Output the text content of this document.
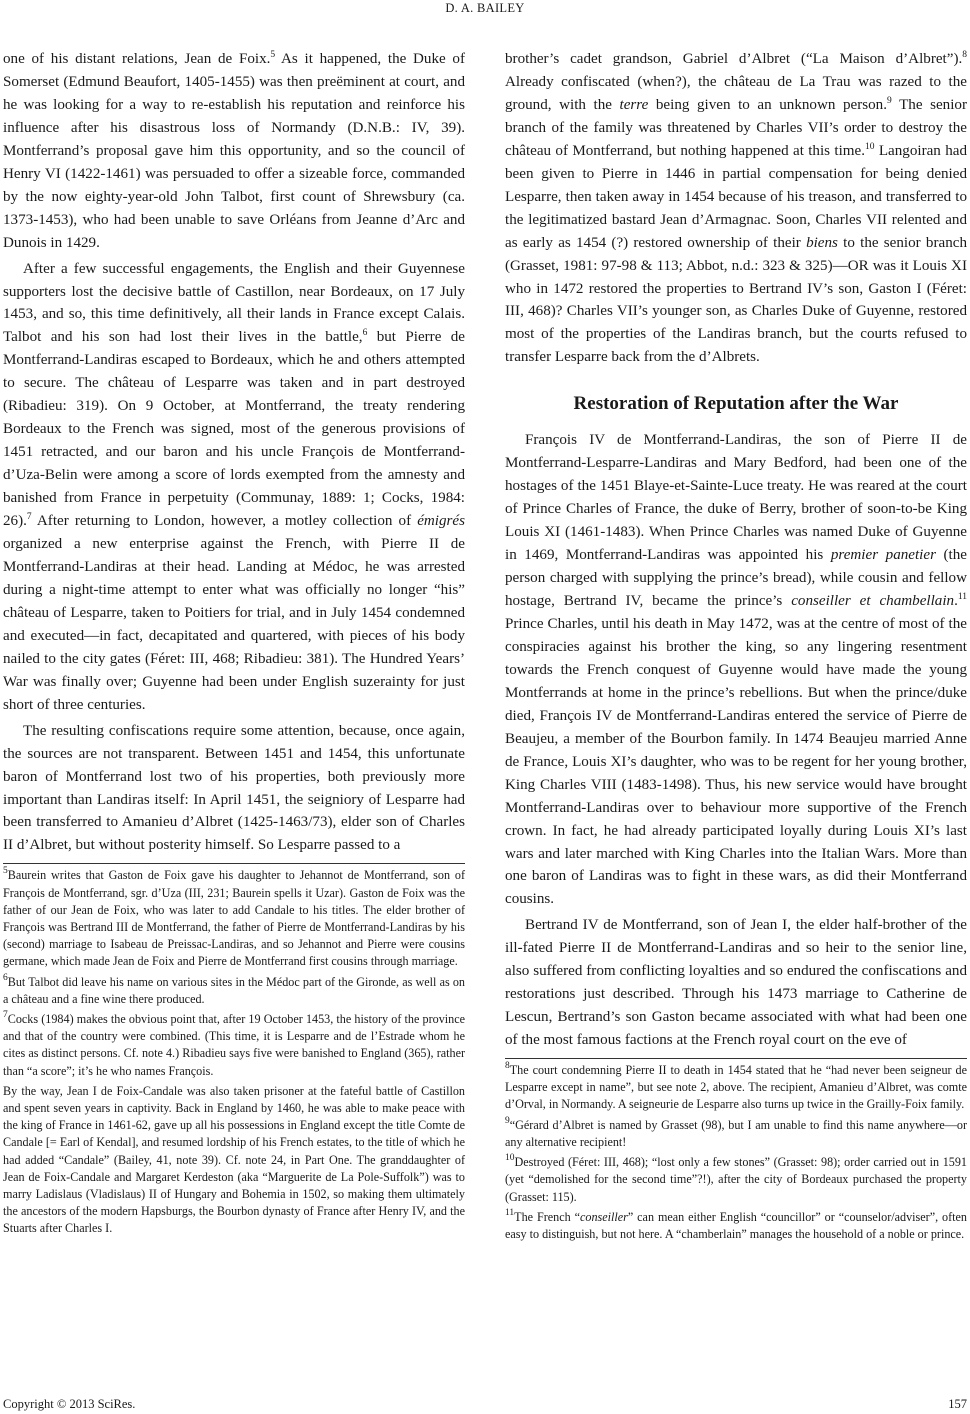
D. A. BAILEY

one of his distant relations, Jean de Foix.$^5$ As it happened, the Duke of Somerset (Edmund Beaufort, 1405-1455) was then preëminent at court, and he was looking for a way to re-establish his reputation and reinforce his influence after his disastrous loss of Normandy (D.N.B.: IV, 39). Montferrand’s proposal gave him this opportunity, and so the council of Henry VI (1422-1461) was persuaded to offer a sizeable force, commanded by the now eighty-year-old John Talbot, first count of Shrewsbury (ca. 1373-1453), who had been unable to save Orléans from Jeanne d’Arc and Dunois in 1429.

After a few successful engagements, the English and their Guyennese supporters lost the decisive battle of Castillon, near Bordeaux, on 17 July 1453, and so, this time definitively, all their lands in France except Calais. Talbot and his son had lost their lives in the battle,$^6$ but Pierre de Montferrand-Landiras escaped to Bordeaux, which he and others attempted to secure. The château of Lesparre was taken and in part destroyed (Ribadieu: 319). On 9 October, at Montferrand, the treaty rendering Bordeaux to the French was signed, most of the generous provisions of 1451 retracted, and our baron and his uncle François de Montferrand-d’Uza-Belin were among a score of lords exempted from the amnesty and banished from France in perpetuity (Communay, 1889: 1; Cocks, 1984: 26).$^7$ After returning to London, however, a motley collection of émigrés organized a new enterprise against the French, with Pierre II de Montferrand-Landiras at their head. Landing at Médoc, he was arrested during a night-time attempt to enter what was officially no longer “his” château of Lesparre, taken to Poitiers for trial, and in July 1454 condemned and executed—in fact, decapitated and quartered, with pieces of his body nailed to the city gates (Féret: III, 468; Ribadieu: 381). The Hundred Years’ War was finally over; Guyenne had been under English suzerainty for just short of three centuries.

The resulting confiscations require some attention, because, once again, the sources are not transparent. Between 1451 and 1454, this unfortunate baron of Montferrand lost two of his properties, both previously more important than Landiras itself: In April 1451, the seigniory of Lesparre had been transferred to Amanieu d’Albret (1425-1463/73), elder son of Charles II d’Albret, but without posterity himself. So Lesparre passed to a

$^5$Baurein writes that Gaston de Foix gave his daughter to Jehannot de Montferrand, son of François de Montferrand, sgr. d’Uza (III, 231; Baurein spells it Uzar). Gaston de Foix was the father of our Jean de Foix, who was later to add Candale to his titles. The elder brother of François was Bertrand III de Montferrand, the father of Pierre de Montferrand-Landiras by his (second) marriage to Isabeau de Preissac-Landiras, and so Jehannot and Pierre were cousins germane, which made Jean de Foix and Pierre de Montferrand first cousins through marriage.

$^6$But Talbot did leave his name on various sites in the Médoc part of the Gironde, as well as on a château and a fine wine there produced.

$^7$Cocks (1984) makes the obvious point that, after 19 October 1453, the history of the province and that of the country were combined. (This time, it is Lesparre and de l’Estrade whom he cites as distinct persons. Cf. note 4.) Ribadieu says five were banished to England (365), rather than “a score”; it’s he who names François.

By the way, Jean I de Foix-Candale was also taken prisoner at the fateful battle of Castillon and spent seven years in captivity. Back in England by 1460, he was able to make peace with the king of France in 1461-62, gave up all his possessions in England except the title Comte de Candale [= Earl of Kendal], and resumed lordship of his French estates, to the title of which he had added “Candale” (Bailey, 41, note 39). Cf. note 24, in Part One. The granddaughter of Jean de Foix-Candale and Margaret Kerdeston (aka “Marguerite de La Pole-Suffolk”) was to marry Ladislaus (Vladislaus) II of Hungary and Bohemia in 1502, so making them ultimately the ancestors of the modern Hapsburgs, the Bourbon dynasty of France after Henry IV, and the Stuarts after Charles I.

brother’s cadet grandson, Gabriel d’Albret (“La Maison d’Albret”).$^8$ Already confiscated (when?), the château de La Trau was razed to the ground, with the terre being given to an unknown person.$^9$ The senior branch of the family was threatened by Charles VII’s order to destroy the château of Montferrand, but nothing happened at this time.$^{10}$ Langoiran had been given to Pierre in 1446 in partial compensation for being denied Lesparre, then taken away in 1454 because of his treason, and transferred to the legitimatized bastard Jean d’Armagnac. Soon, Charles VII relented and as early as 1454 (?) restored ownership of their biens to the senior branch (Grasset, 1981: 97-98 & 113; Abbot, n.d.: 323 & 325)—OR was it Louis XI who in 1472 restored the properties to Bertrand IV’s son, Gaston I (Féret: III, 468)? Charles VII’s younger son, as Charles Duke of Guyenne, restored most of the properties of the Landiras branch, but the courts refused to transfer Lesparre back from the d’Albrets.

Restoration of Reputation after the War

François IV de Montferrand-Landiras, the son of Pierre II de Montferrand-Lesparre-Landiras and Mary Bedford, had been one of the hostages of the 1451 Blaye-et-Sainte-Luce treaty. He was reared at the court of Prince Charles of France, the duke of Berry, brother of soon-to-be King Louis XI (1461-1483). When Prince Charles was named Duke of Guyenne in 1469, Montferrand-Landiras was appointed his premier panetier (the person charged with supplying the prince’s bread), while cousin and fellow hostage, Bertrand IV, became the prince’s conseiller et chambellain.$^{11}$ Prince Charles, until his death in May 1472, was at the centre of most of the conspiracies against his brother the king, so any lingering resentment towards the French conquest of Guyenne would have made the young Montferrands at home in the prince’s rebellions. But when the prince/duke died, François IV de Montferrand-Landiras entered the service of Pierre de Beaujeu, a member of the Bourbon family. In 1474 Beaujeu married Anne de France, Louis XI’s daughter, who was to be regent for her young brother, King Charles VIII (1483-1498). Thus, his new service would have brought Montferrand-Landiras over to behaviour more supportive of the French crown. In fact, he had already participated loyally during Louis XI’s last wars and later marched with King Charles into the Italian Wars. More than one baron of Landiras was to fight in these wars, as did their Montferrand cousins.

Bertrand IV de Montferrand, son of Jean I, the elder half-brother of the ill-fated Pierre II de Montferrand-Landiras and so heir to the senior line, also suffered from conflicting loyalties and so endured the confiscations and restorations just described. Through his 1473 marriage to Catherine de Lescun, Bertrand’s son Gaston became associated with what had been one of the most famous factions at the French royal court on the eve of

$^8$The court condemning Pierre II to death in 1454 stated that he “had never been seigneur de Lesparre except in name”, but see note 2, above. The recipient, Amanieu d’Albret, was comte d’Orval, in Normandy. A seigneurie de Lesparre also turns up twice in the Grailly-Foix family.

$^9$“Gérard d’Albret is named by Grasset (98), but I am unable to find this name anywhere—or any alternative recipient!

$^{10}$Destroyed (Féret: III, 468); “lost only a few stones” (Grasset: 98); order carried out in 1591 (yet “demolished for the second time”?!), after the city of Bordeaux purchased the property (Grasset: 115).

$^{11}$The French “conseiller” can mean either English “councillor” or “counselor/adviser”, often easy to distinguish, but not here. A “chamberlain” manages the household of a noble or prince.

Copyright © 2013 SciRes.	157
